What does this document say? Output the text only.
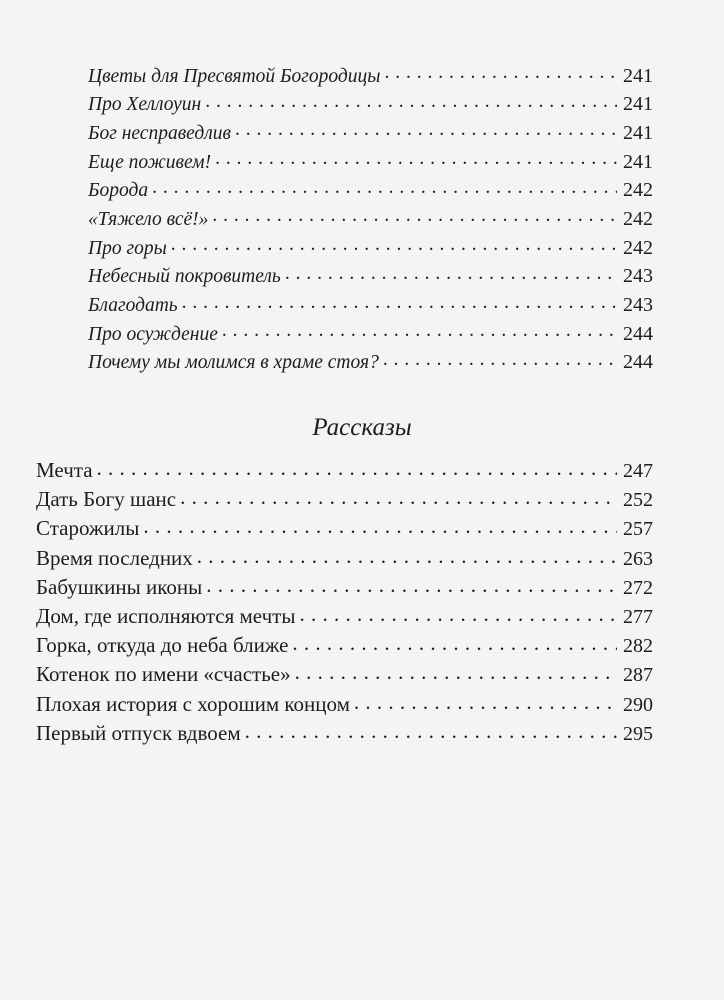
Цветы для Пресвятой Богородицы . . .	241
Про Хеллоуин . . .	241
Бог несправедлив . . .	241
Еще поживем! . . .	241
Борода . . .	242
«Тяжело всё!» . . .	242
Про горы . . .	242
Небесный покровитель . . .	243
Благодать . . .	243
Про осуждение . . .	244
Почему мы молимся в храме стоя? . . .	244
Рассказы
Мечта . . .	247
Дать Богу шанс . . .	252
Старожилы . . .	257
Время последних . . .	263
Бабушкины иконы . . .	272
Дом, где исполняются мечты . . .	277
Горка, откуда до неба ближе . . .	282
Котенок по имени «счастье» . . .	287
Плохая история с хорошим концом . . .	290
Первый отпуск вдвоем . . .	295
